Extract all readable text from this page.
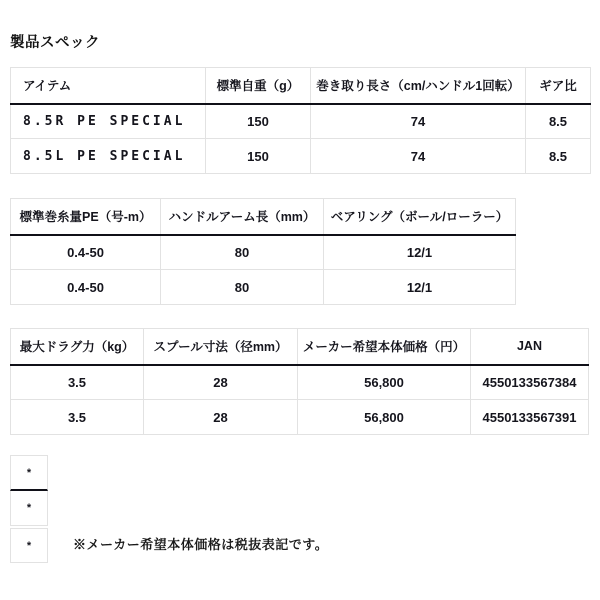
製品スペック
アイテム	標準自重（g）	巻き取り長さ（cm/ハンドル1回転）	ギア比
8.5R PE SPECIAL	150	74	8.5
8.5L PE SPECIAL	150	74	8.5
標準巻糸量PE（号-m）	ハンドルアーム長（mm）	ベアリング（ボール/ローラー）
0.4-50	80	12/1
0.4-50	80	12/1
最大ドラグ力（kg）	スプール寸法（径mm）	メーカー希望本体価格（円）	JAN
3.5	28	56,800	4550133567384
3.5	28	56,800	4550133567391
*
*
*	※メーカー希望本体価格は税抜表記です。
